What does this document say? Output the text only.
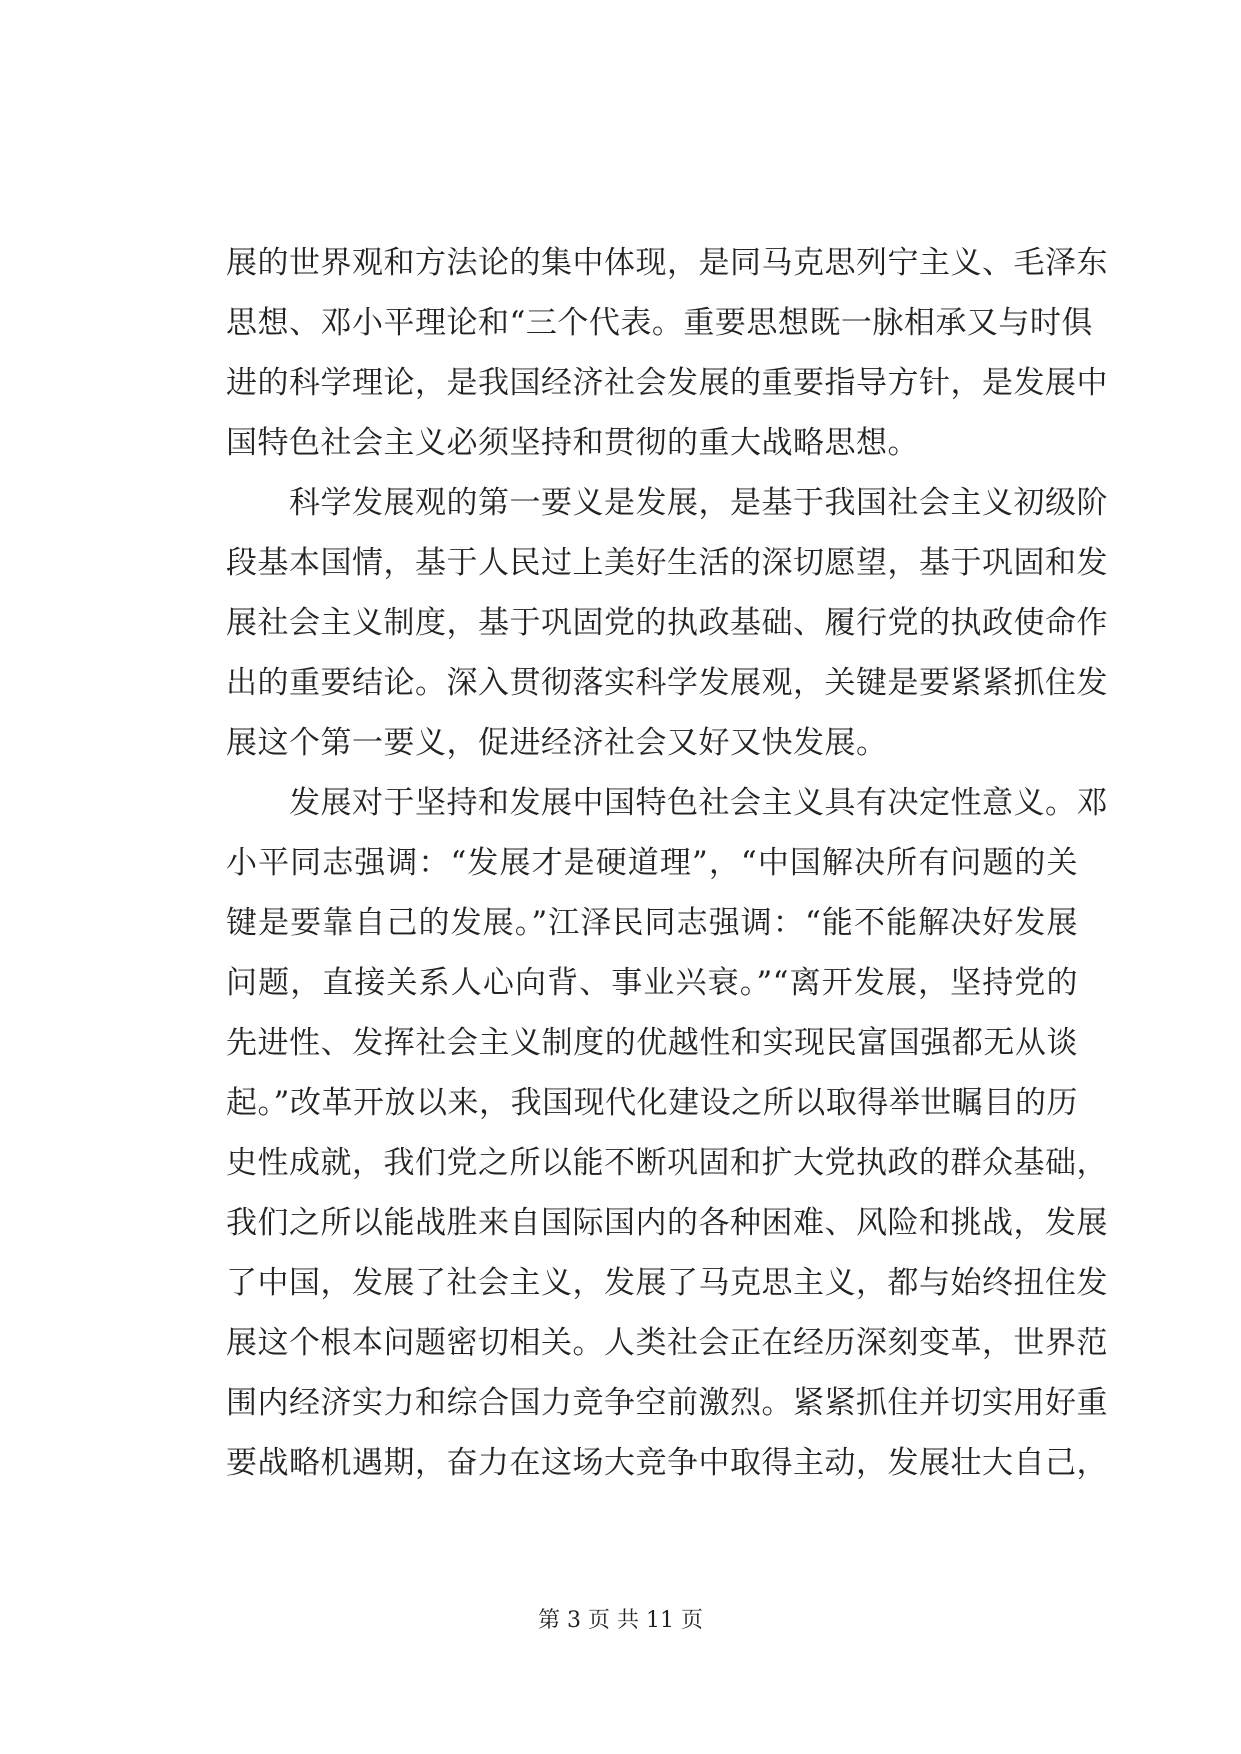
展的世界观和方法论的集中体现，是同马克思列宁主义、毛泽东
思想、邓小平理论和“三个代表。重要思想既一脉相承又与时俱
进的科学理论，是我国经济社会发展的重要指导方针，是发展中
国特色社会主义必须坚持和贯彻的重大战略思想。
　　科学发展观的第一要义是发展，是基于我国社会主义初级阶
段基本国情，基于人民过上美好生活的深切愿望，基于巩固和发
展社会主义制度，基于巩固党的执政基础、履行党的执政使命作
出的重要结论。深入贯彻落实科学发展观，关键是要紧紧抓住发
展这个第一要义，促进经济社会又好又快发展。
　　发展对于坚持和发展中国特色社会主义具有决定性意义。邓
小平同志强调：“发展才是硬道理”，“中国解决所有问题的关
键是要靠自己的发展。”江泽民同志强调：“能不能解决好发展
问题，直接关系人心向背、事业兴衰。”“离开发展，坚持党的
先进性、发挥社会主义制度的优越性和实现民富国强都无从谈
起。”改革开放以来，我国现代化建设之所以取得举世瞩目的历
史性成就，我们党之所以能不断巩固和扩大党执政的群众基础，
我们之所以能战胜来自国际国内的各种困难、风险和挑战，发展
了中国，发展了社会主义，发展了马克思主义，都与始终扭住发
展这个根本问题密切相关。人类社会正在经历深刻变革，世界范
围内经济实力和综合国力竞争空前激烈。紧紧抓住并切实用好重
要战略机遇期，奋力在这场大竞争中取得主动，发展壮大自己，
第 3 页 共 11 页
